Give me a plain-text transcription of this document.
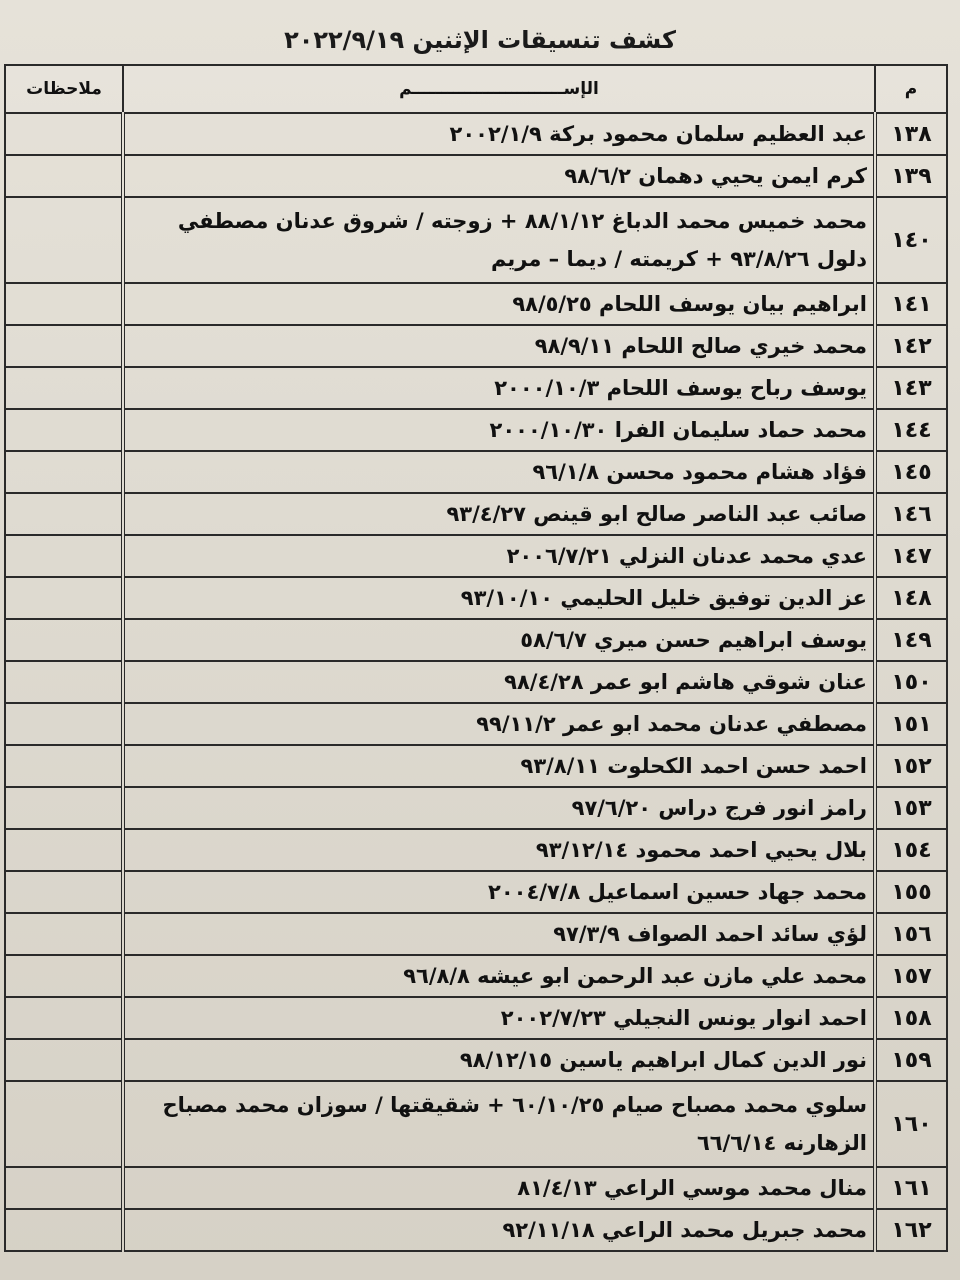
كشف تنسيقات الإثنين ٢٠٢٢/٩/١٩
م	الإســــــــــــــــــــــــــم	ملاحظات
١٣٨	عبد العظيم سلمان محمود بركة ٢٠٠٢/١/٩	

١٣٩	كرم ايمن يحيي دهمان ٩٨/٦/٢	

١٤٠	محمد خميس محمد الدباغ ٨٨/١/١٢ + زوجته / شروق عدنان مصطفي
دلول ٩٣/٨/٢٦ + كريمته / ديما – مريم	

١٤١	ابراهيم بيان يوسف اللحام ٩٨/٥/٢٥	

١٤٢	محمد خيري صالح اللحام ٩٨/٩/١١	

١٤٣	يوسف رباح يوسف اللحام ٢٠٠٠/١٠/٣	

١٤٤	محمد حماد سليمان الفرا ٢٠٠٠/١٠/٣٠	

١٤٥	فؤاد هشام محمود محسن ٩٦/١/٨	

١٤٦	صائب عبد الناصر صالح ابو قينص ٩٣/٤/٢٧	

١٤٧	عدي محمد عدنان النزلي ٢٠٠٦/٧/٢١	

١٤٨	عز الدين توفيق خليل الحليمي ٩٣/١٠/١٠	

١٤٩	يوسف ابراهيم حسن ميري ٥٨/٦/٧	

١٥٠	عنان شوقي هاشم ابو عمر ٩٨/٤/٢٨	

١٥١	مصطفي عدنان محمد ابو عمر ٩٩/١١/٢	

١٥٢	احمد حسن احمد الكحلوت ٩٣/٨/١١	

١٥٣	رامز انور فرج دراس ٩٧/٦/٢٠	

١٥٤	بلال يحيي احمد محمود ٩٣/١٢/١٤	

١٥٥	محمد جهاد حسين اسماعيل ٢٠٠٤/٧/٨	

١٥٦	لؤي سائد احمد الصواف ٩٧/٣/٩	

١٥٧	محمد علي مازن عبد الرحمن ابو عيشه ٩٦/٨/٨	

١٥٨	احمد انوار يونس النجيلي ٢٠٠٢/٧/٢٣	

١٥٩	نور الدين كمال ابراهيم ياسين ٩٨/١٢/١٥	

١٦٠	سلوي محمد مصباح صيام ٦٠/١٠/٢٥ + شقيقتها / سوزان محمد مصباح
الزهارنه ٦٦/٦/١٤	

١٦١	منال محمد موسي الراعي ٨١/٤/١٣	

١٦٢	محمد جبريل محمد الراعي ٩٢/١١/١٨	
